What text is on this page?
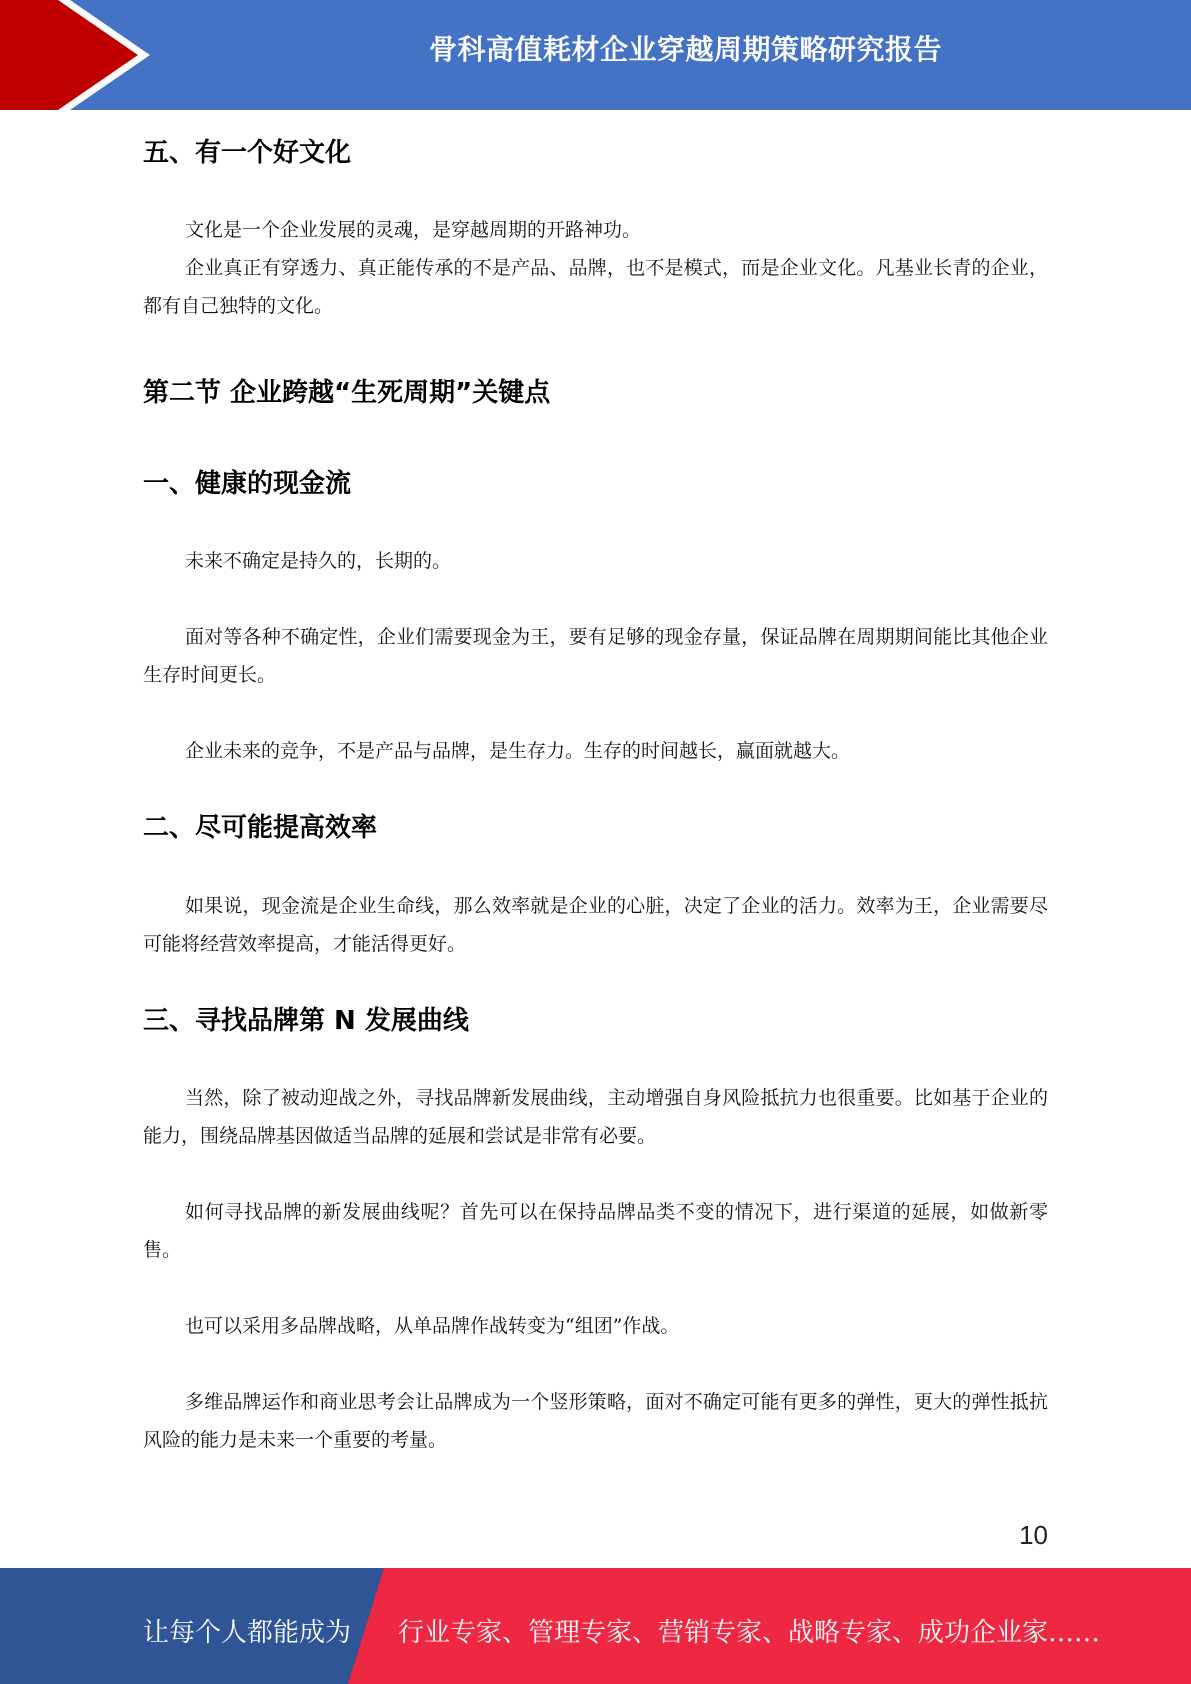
骨科高值耗材企业穿越周期策略研究报告
五、有一个好文化
文化是一个企业发展的灵魂，是穿越周期的开路神功。
企业真正有穿透力、真正能传承的不是产品、品牌，也不是模式，而是企业文化。凡基业长青的企业，都有自己独特的文化。
第二节 企业跨越“生死周期”关键点
一、健康的现金流
未来不确定是持久的，长期的。
面对等各种不确定性，企业们需要现金为王，要有足够的现金存量，保证品牌在周期期间能比其他企业生存时间更长。
企业未来的竞争，不是产品与品牌，是生存力。生存的时间越长，赢面就越大。
二、尽可能提高效率
如果说，现金流是企业生命线，那么效率就是企业的心脏，决定了企业的活力。效率为王，企业需要尽可能将经营效率提高，才能活得更好。
三、寻找品牌第 N 发展曲线
当然，除了被动迎战之外，寻找品牌新发展曲线，主动增强自身风险抵抗力也很重要。比如基于企业的能力，围绕品牌基因做适当品牌的延展和尝试是非常有必要。
如何寻找品牌的新发展曲线呢？首先可以在保持品牌品类不变的情况下，进行渠道的延展，如做新零售。
也可以采用多品牌战略，从单品牌作战转变为“组团”作战。
多维品牌运作和商业思考会让品牌成为一个竖形策略，面对不确定可能有更多的弹性，更大的弹性抵抗风险的能力是未来一个重要的考量。
10
让每个人都能成为 行业专家、管理专家、营销专家、战略专家、成功企业家……
